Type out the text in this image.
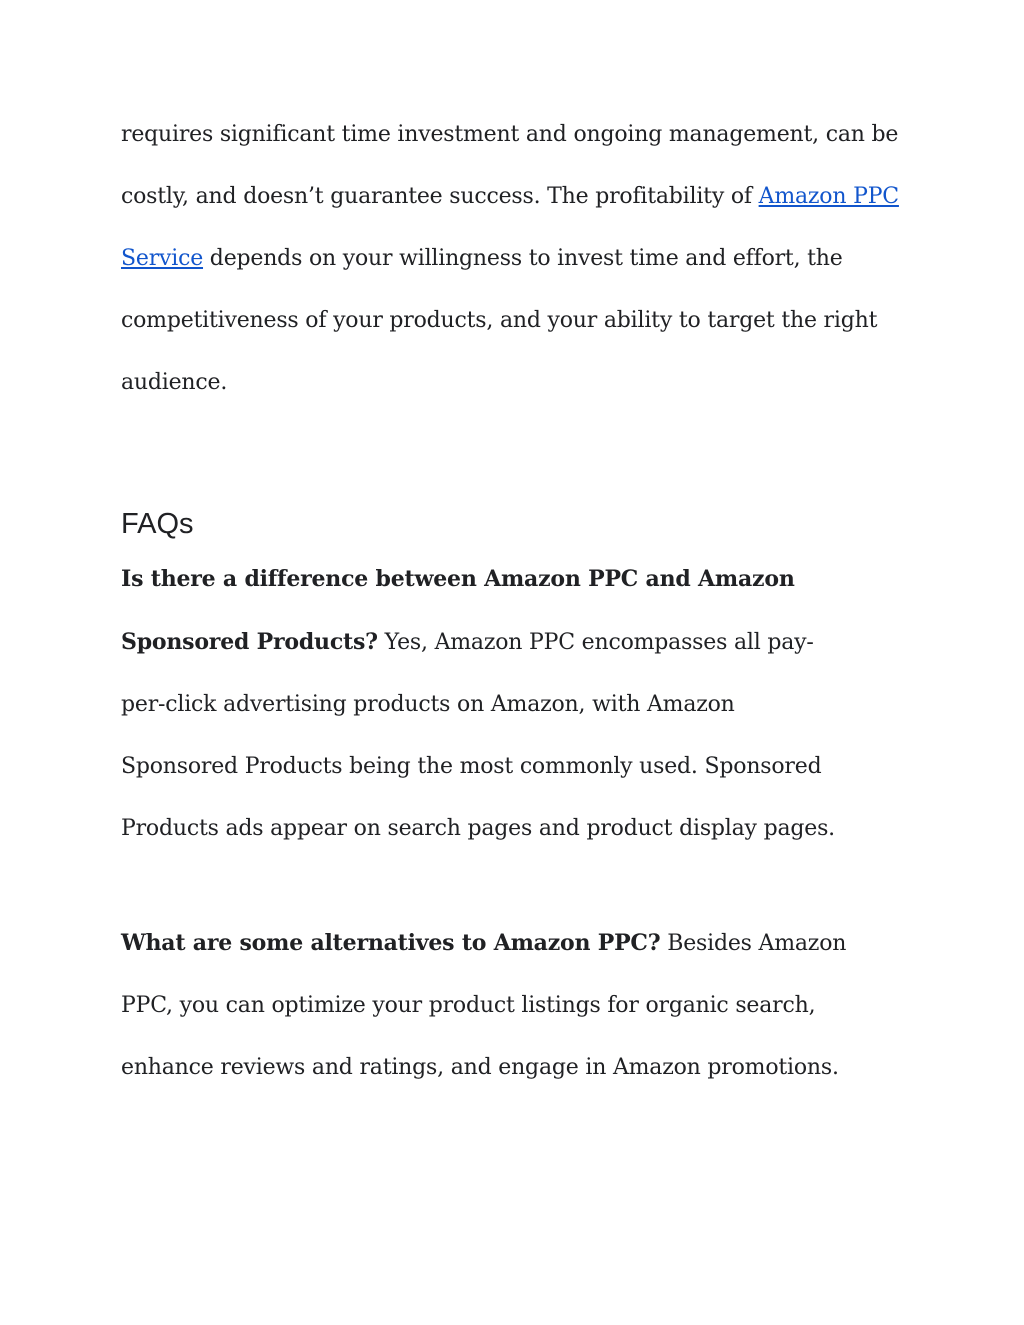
requires significant time investment and ongoing management, can be costly, and doesn’t guarantee success. The profitability of Amazon PPC Service depends on your willingness to invest time and effort, the competitiveness of your products, and your ability to target the right audience.

FAQs

Is there a difference between Amazon PPC and Amazon Sponsored Products? Yes, Amazon PPC encompasses all pay-per-click advertising products on Amazon, with Amazon Sponsored Products being the most commonly used. Sponsored Products ads appear on search pages and product display pages.

What are some alternatives to Amazon PPC? Besides Amazon PPC, you can optimize your product listings for organic search, enhance reviews and ratings, and engage in Amazon promotions.
